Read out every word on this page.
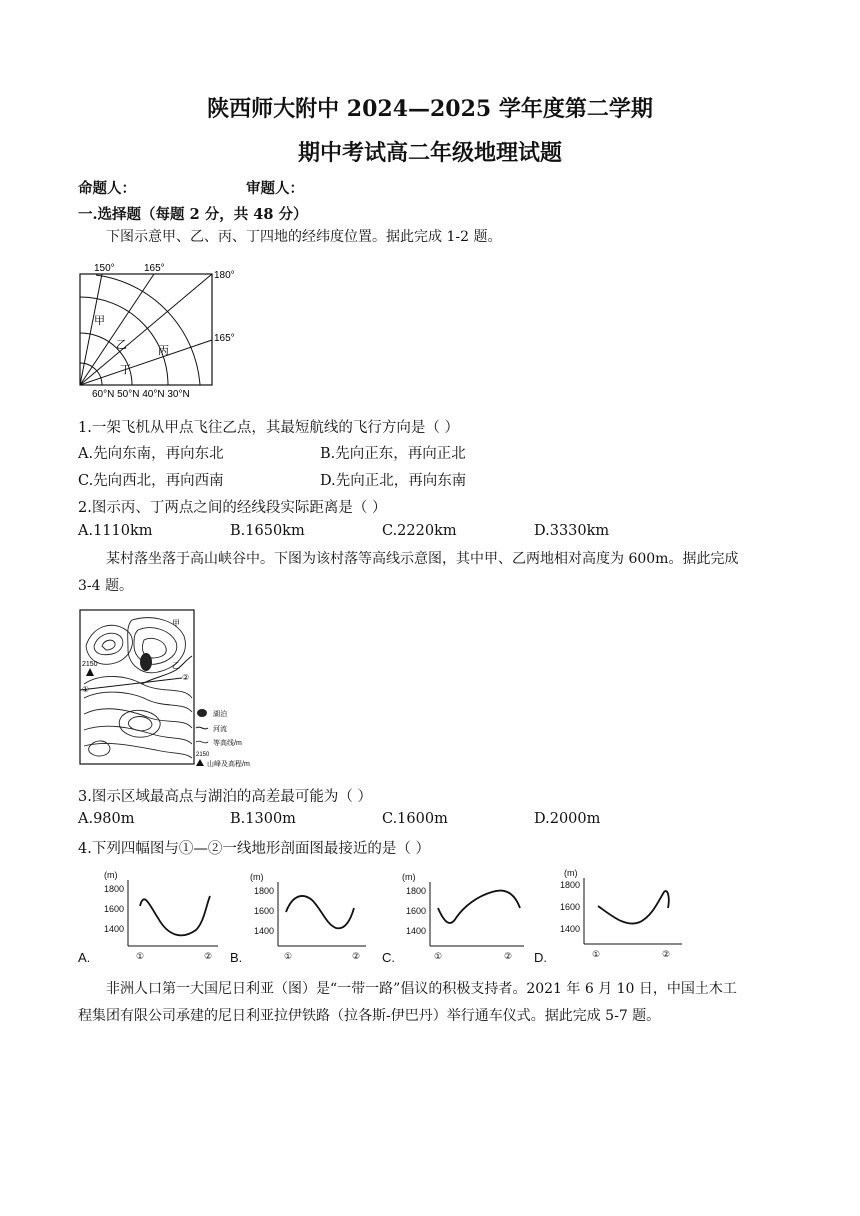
陕西师大附中 2024—2025 学年度第二学期
期中考试高二年级地理试题
命题人：	审题人：
一.选择题（每题 2 分，共 48 分）
下图示意甲、乙、丙、丁四地的经纬度位置。据此完成 1-2 题。
150°	165°
180°
165°
60°N 50°N 40°N 30°N
甲
乙	丙
丁
1.一架飞机从甲点飞往乙点，其最短航线的飞行方向是（ ）
A.先向东南，再向东北	B.先向正东，再向正北
C.先向西北，再向西南	D.先向正北，再向东南
2.图示丙、丁两点之间的经线段实际距离是（ ）
A.1110km	B.1650km	C.2220km	D.3330km
某村落坐落于高山峡谷中。下图为该村落等高线示意图，其中甲、乙两地相对高度为 600m。据此完成
3-4 题。
甲
乙
2150
①
②
湖泊
河流
等高线/m
2150
山峰及高程/m
3.图示区域最高点与湖泊的高差最可能为（ ）
A.980m	B.1300m	C.1600m	D.2000m
4.下列四幅图与①—②一线地形剖面图最接近的是（ ）
(m)
1800
1600
1400
①	②
A.
(m)
1800
1600
1400
①	②
B.
(m)
1800
1600
1400
①	②
C.
(m)
1800
1600
1400
①	②
D.
非洲人口第一大国尼日利亚（图）是“一带一路”倡议的积极支持者。2021 年 6 月 10 日，中国土木工
程集团有限公司承建的尼日利亚拉伊铁路（拉各斯-伊巴丹）举行通车仪式。据此完成 5-7 题。
